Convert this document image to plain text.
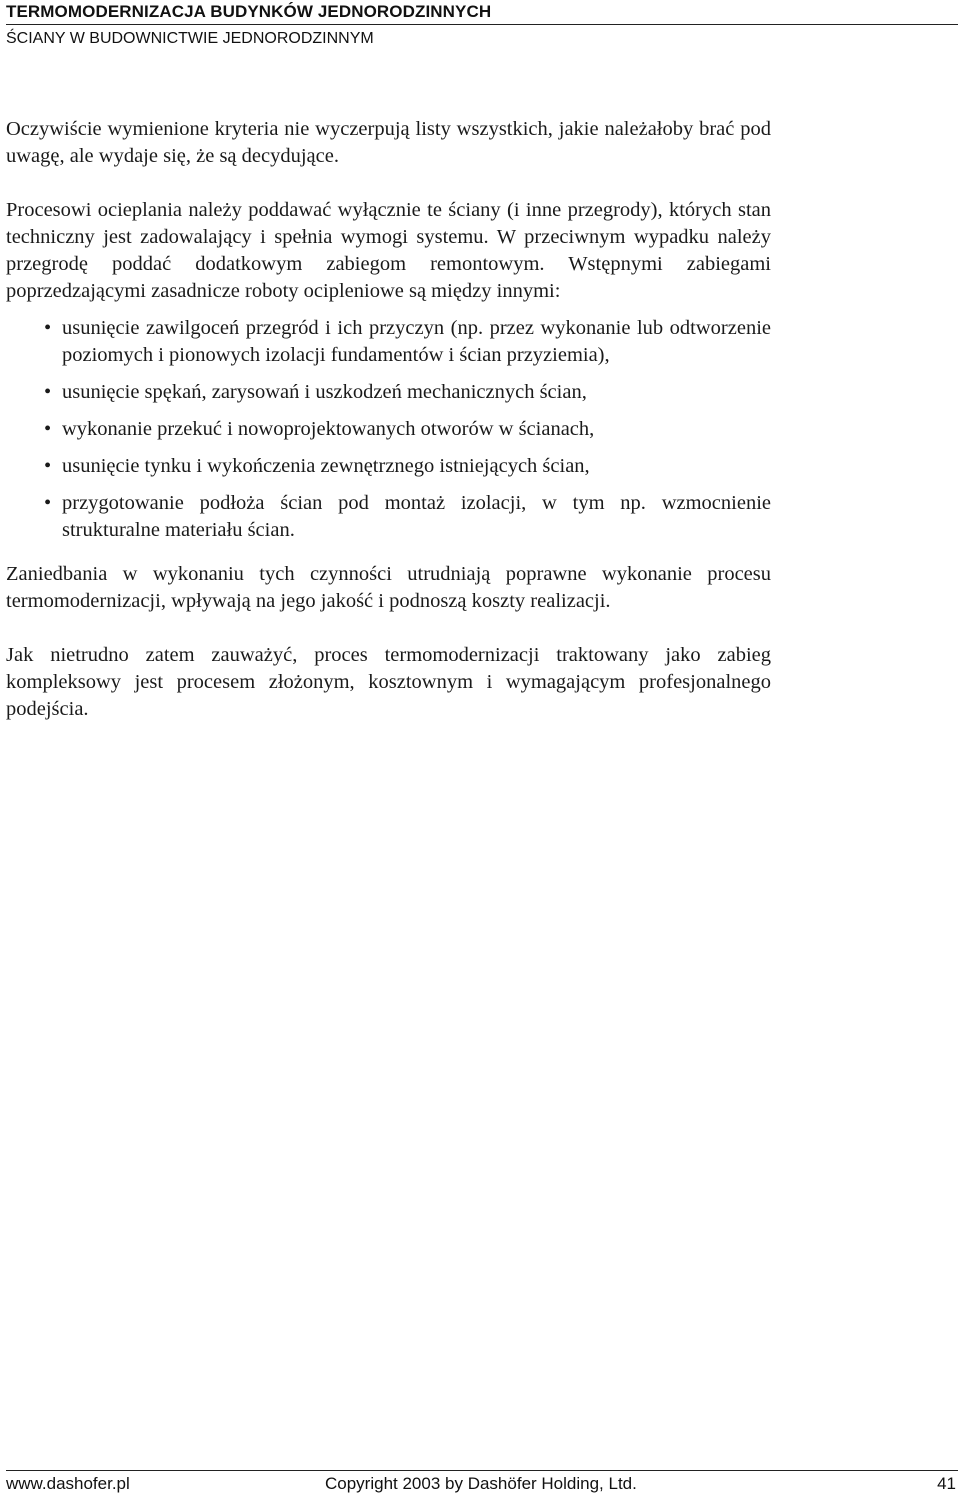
TERMOMODERNIZACJA BUDYNKÓW JEDNORODZINNYCH
ŚCIANY W BUDOWNICTWIE JEDNORODZINNYM

Oczywiście wymienione kryteria nie wyczerpują listy wszystkich, jakie należałoby brać pod uwagę, ale wydaje się, że są decydujące.

Procesowi ocieplania należy poddawać wyłącznie te ściany (i inne przegrody), których stan techniczny jest zadowalający i spełnia wymogi systemu. W przeciwnym wypadku należy przegrodę poddać dodatkowym zabiegom remontowym. Wstępnymi zabiegami poprzedzającymi zasadnicze roboty ocipleniowe są między innymi:

• usunięcie zawilgoceń przegród i ich przyczyn (np. przez wykonanie lub odtworzenie poziomych i pionowych izolacji fundamentów i ścian przyziemia),
• usunięcie spękań, zarysowań i uszkodzeń mechanicznych ścian,
• wykonanie przekuć i nowoprojektowanych otworów w ścianach,
• usunięcie tynku i wykończenia zewnętrznego istniejących ścian,
• przygotowanie podłoża ścian pod montaż izolacji, w tym np. wzmocnienie strukturalne materiału ścian.

Zaniedbania w wykonaniu tych czynności utrudniają poprawne wykonanie procesu termomodernizacji, wpływają na jego jakość i podnoszą koszty realizacji.

Jak nietrudno zatem zauważyć, proces termomodernizacji traktowany jako zabieg kompleksowy jest procesem złożonym, kosztownym i wymagającym profesjonalnego podejścia.

www.dashofer.pl	Copyright 2003 by Dashöfer Holding, Ltd.	41
